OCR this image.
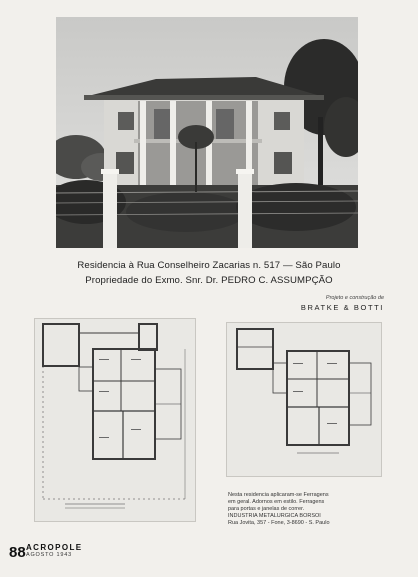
Residencia à Rua Conselheiro Zacarias n. 517 — São Paulo
Propriedade do Exmo. Snr. Dr. PEDRO C. ASSUMPÇÃO
Projeto e construção de
BRATKE & BOTTI
Nesta residencia aplicaram-se Ferragens
em geral. Adornos em estilo. Ferragens
para portas e janelas de correr.
INDUSTRIA METALURGICA BORSOI
Rua Jovita, 357 - Fone, 3-8690 - S. Paulo
88 ACROPOLE
AGOSTO 1943
